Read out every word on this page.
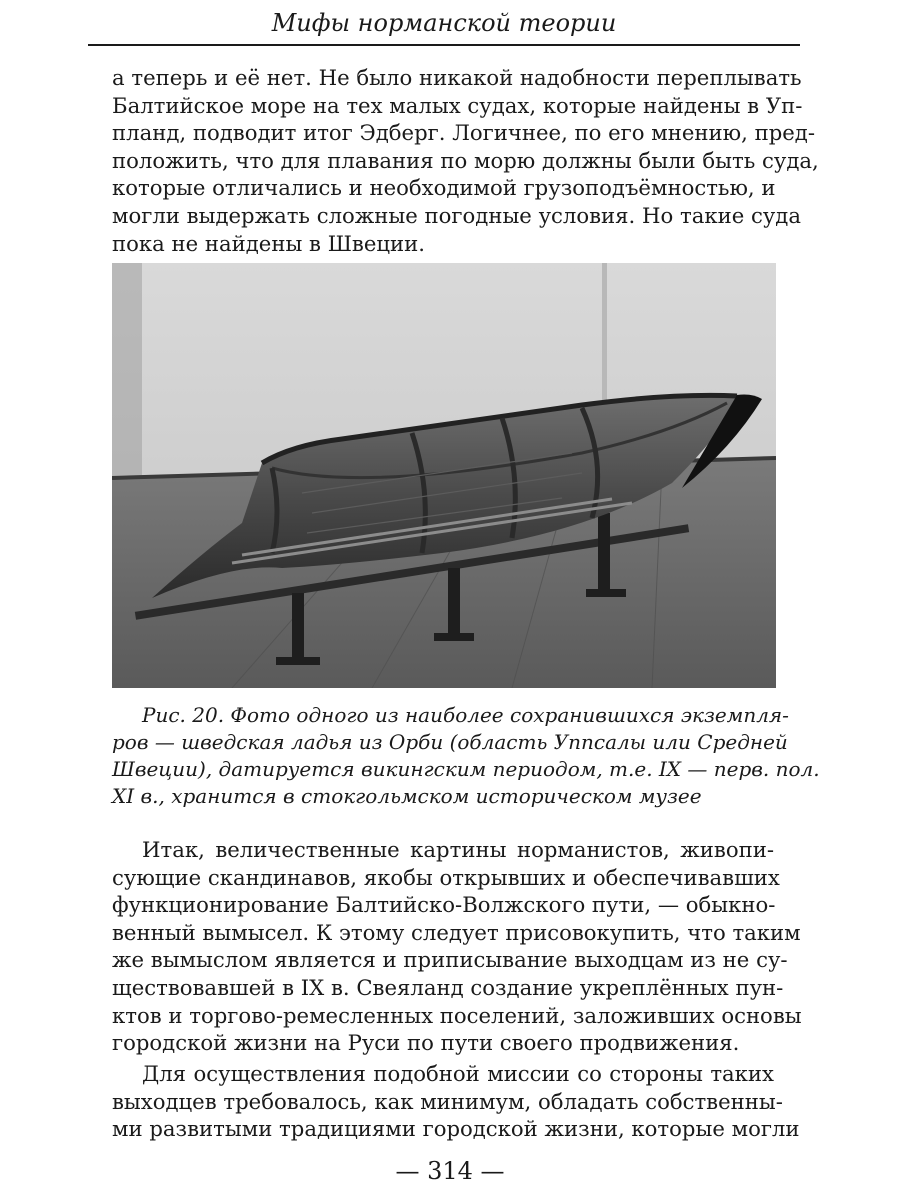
Мифы норманской теории
а теперь и её нет. Не было никакой надобности переплывать
Балтийское море на тех малых судах, которые найдены в Уп-
планд, подводит итог Эдберг. Логичнее, по его мнению, пред-
положить, что для плавания по морю должны были быть суда,
которые отличались и необходимой грузоподъёмностью, и
могли выдержать сложные погодные условия. Но такие суда
пока не найдены в Швеции.
Рис. 20. Фото одного из наиболее сохранившихся экземпля-
ров — шведская ладья из Орби (область Уппсалы или Средней
Швеции), датируется викингским периодом, т.е. IX — перв. пол.
XI в., хранится в стокгольмском историческом музее
Итак, величественные картины норманистов, живопи-
сующие скандинавов, якобы открывших и обеспечивавших
функционирование Балтийско-Волжского пути, — обыкно-
венный вымысел. К этому следует присовокупить, что таким
же вымыслом является и приписывание выходцам из не су-
ществовавшей в IX в. Свеяланд создание укреплённых пун-
ктов и торгово-ремесленных поселений, заложивших основы
городской жизни на Руси по пути своего продвижения.
Для осуществления подобной миссии со стороны таких
выходцев требовалось, как минимум, обладать собственны-
ми развитыми традициями городской жизни, которые могли
— 314 —
